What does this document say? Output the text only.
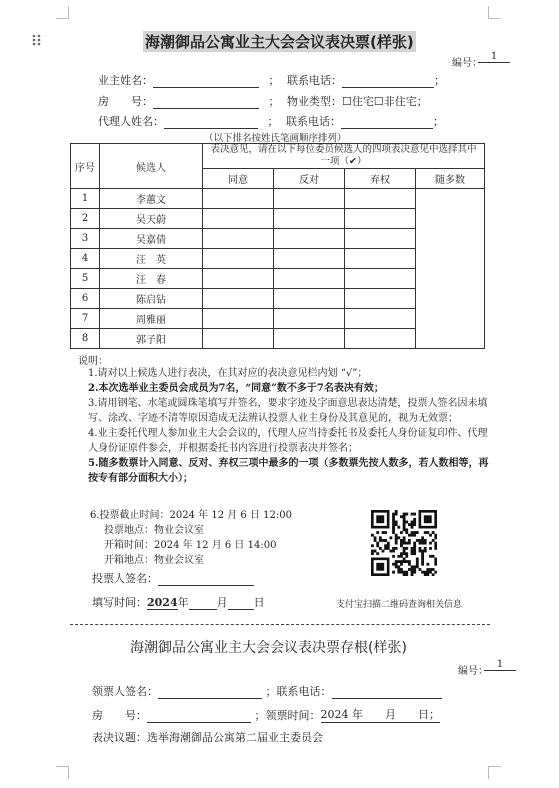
海潮御品公寓业主大会会议表决票(样张)
编号：
1
业主姓名：	； 联系电话：	；
房　　号：	； 物业类型：☐住宅☐非住宅；
代理人姓名：	； 联系电话：	；
（以下排名按姓氏笔画顺序排列）
序号	候选人	表决意见，请在以下每位委员候选人的四项表决意见中选择其中一项（✔）			
		同意	反对	弃权	随多数
1	李蕙文				
2	吴天蔚				
3	吴嘉倩				
4	汪　英				
5	汪　春				
6	陈启钻				
7	周雅丽				
8	郭子阳				
说明：

1.请对以上候选人进行表决，在其对应的表决意见栏内划 “√”；

2.本次选举业主委员会成员为7名，“同意”数不多于7名表决有效；

3.请用钢笔、水笔或圆珠笔填写并签名，要求字迹及字面意思表达清楚，投票人签名因未填写、涂改、字迹不清等原因造成无法辨认投票人业主身份及其意见的，视为无效票；

4.业主委托代理人参加业主大会会议的，代理人应当持委托书及委托人身份证复印件、代理人身份证原件参会，并根据委托书内容进行投票表决并签名；

5.随多数票计入同意、反对、弃权三项中最多的一项（多数票先按人数多，若人数相等，再按专有部分面积大小）；

6.投票截止时间：2024 年 12 月 6 日 12:00
投票地点：物业会议室
开箱时间：2024 年 12 月 6 日 14:00
开箱地点：物业会议室
投票人签名：
填写时间：2024年	月 日	支付宝扫描二维码查询相关信息
海潮御品公寓业主大会会议表决票存根(样张)
编号：
1
领票人签名：	；联系电话：
房　　号：	；领票时间：2024 年　　月　　日；
表决议题：选举海潮御品公寓第二届业主委员会
